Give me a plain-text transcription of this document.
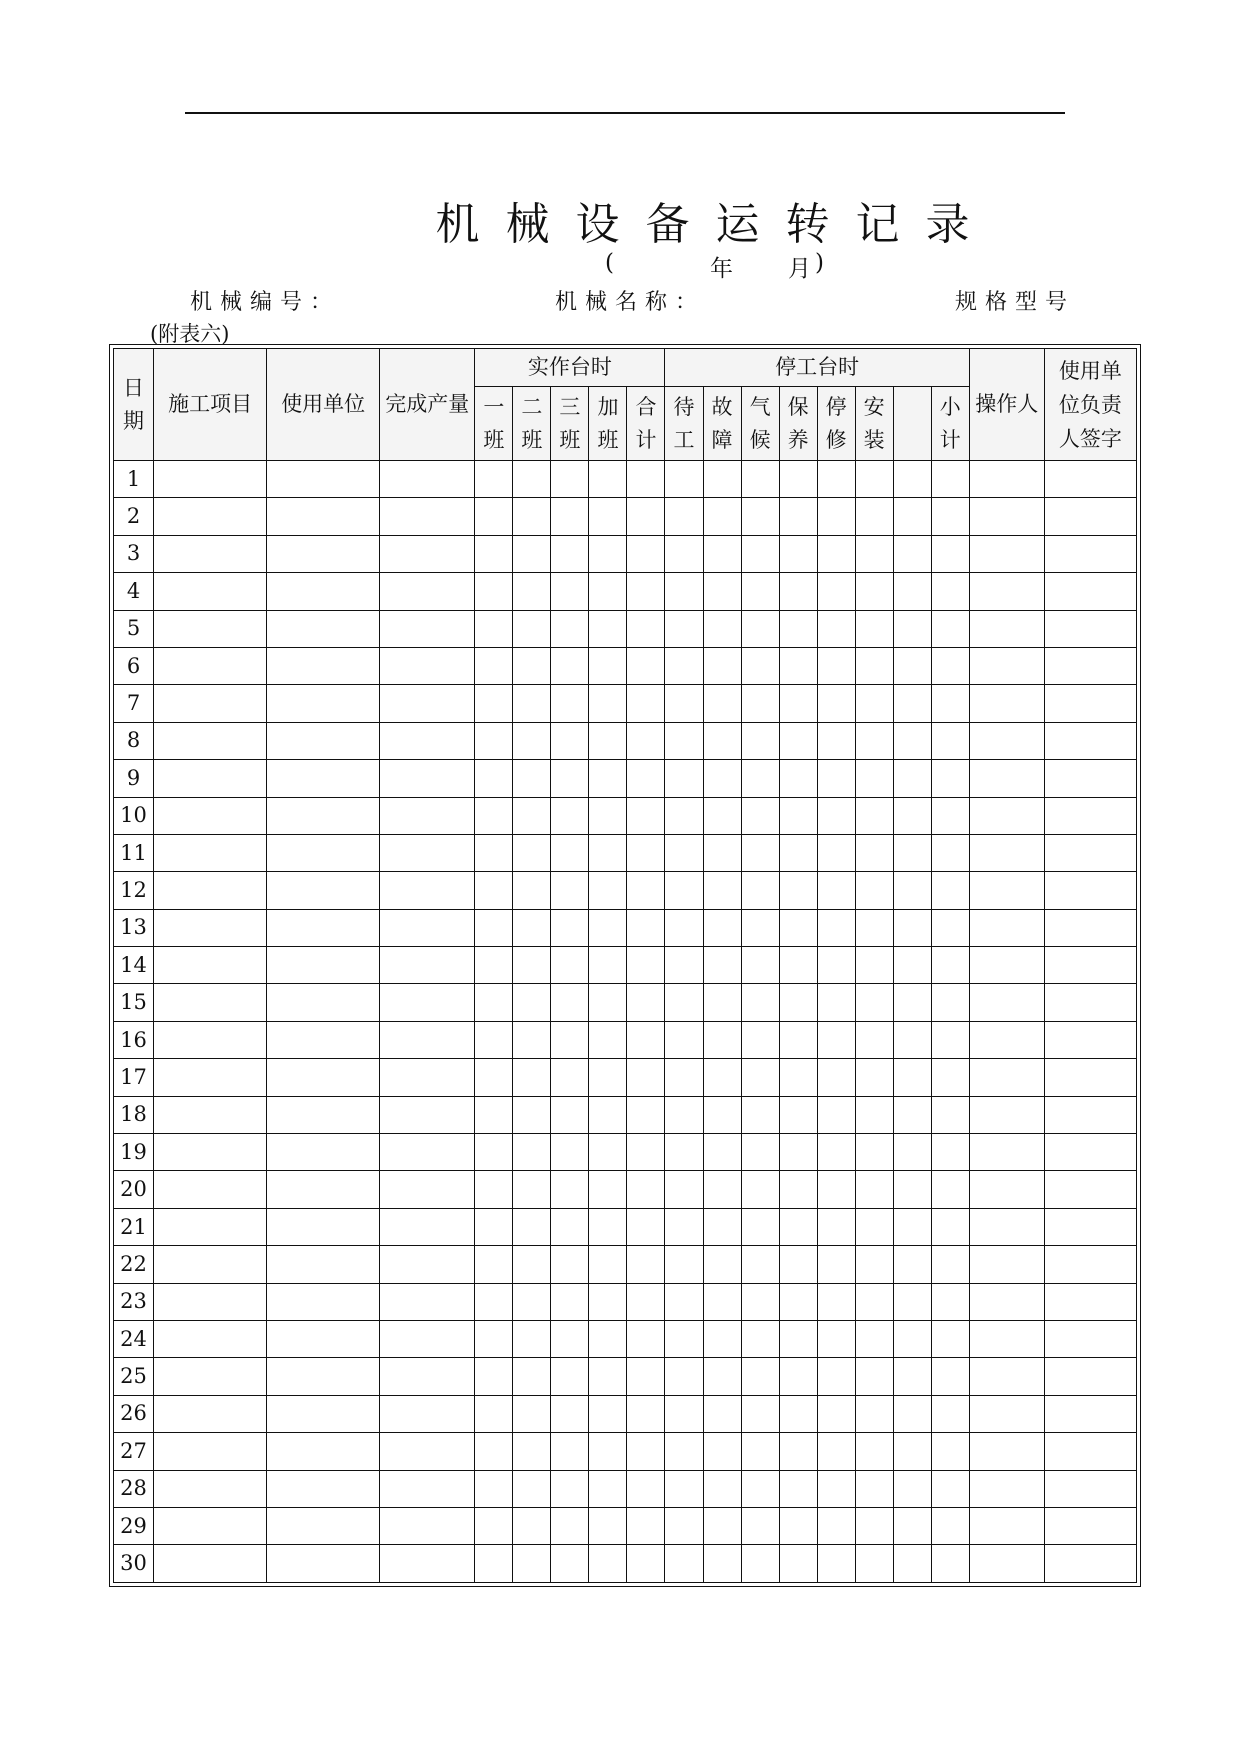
机械设备运转记录
(	年 月 )
机械编号：	机械名称：	规格型号
(附表六)
日期	施工项目	使用单位	完成产量	实作台时					停工台时								操作人	使用单位负责人签字
				一班	二班	三班	加班	合计	待工	故障	气候	保养	停修	安装		小计		
1																		
2																		
3																		
4																		
5																		
6																		
7																		
8																		
9																		
10																		
11																		
12																		
13																		
14																		
15																		
16																		
17																		
18																		
19																		
20																		
21																		
22																		
23																		
24																		
25																		
26																		
27																		
28																		
29																		
30																		
